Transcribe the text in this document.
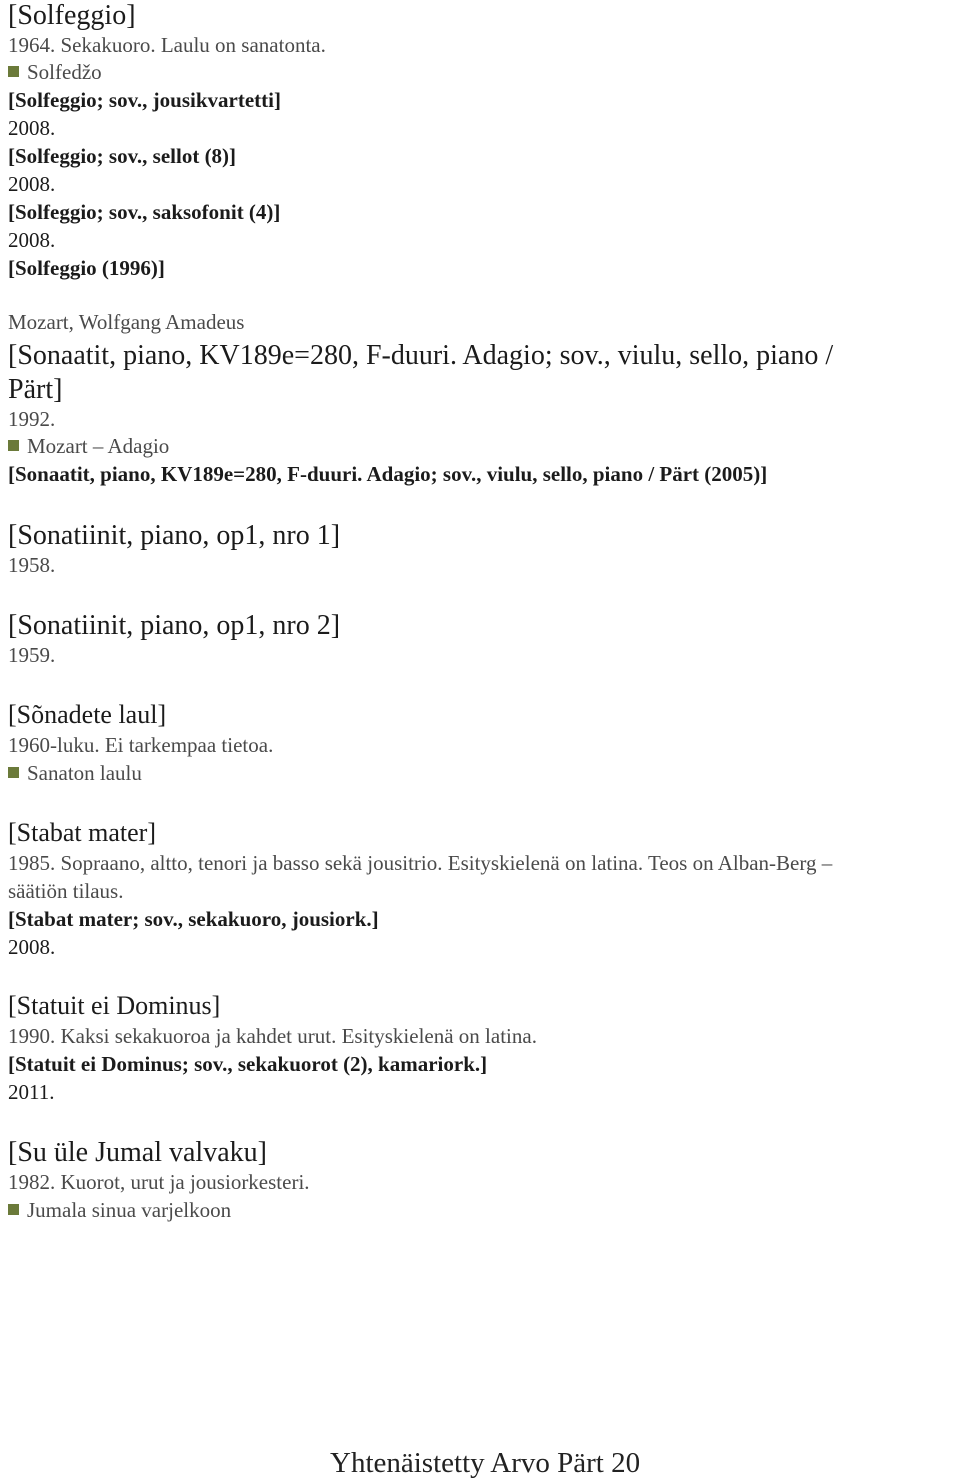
[Solfeggio]
1964. Sekakuoro. Laulu on sanatonta.
Solfedžo
[Solfeggio; sov., jousikvartetti]
2008.
[Solfeggio; sov., sellot (8)]
2008.
[Solfeggio; sov., saksofonit (4)]
2008.
[Solfeggio (1996)]
Mozart, Wolfgang Amadeus
[Sonaatit, piano, KV189e=280, F-duuri. Adagio; sov., viulu, sello, piano /
Pärt]
1992.
Mozart – Adagio
[Sonaatit, piano, KV189e=280, F-duuri. Adagio; sov., viulu, sello, piano / Pärt (2005)]
[Sonatiinit, piano, op1, nro 1]
1958.
[Sonatiinit, piano, op1, nro 2]
1959.
[Sõnadete laul]
1960-luku. Ei tarkempaa tietoa.
Sanaton laulu
[Stabat mater]
1985. Sopraano, altto, tenori ja basso sekä jousitrio. Esityskielenä on latina. Teos on Alban-Berg –
säätiön tilaus.
[Stabat mater; sov., sekakuoro, jousiork.]
2008.
[Statuit ei Dominus]
1990. Kaksi sekakuoroa ja kahdet urut. Esityskielenä on latina.
[Statuit ei Dominus; sov., sekakuorot (2), kamariork.]
2011.
[Su üle Jumal valvaku]
1982. Kuorot, urut ja jousiorkesteri.
Jumala sinua varjelkoon
Yhtenäistetty Arvo Pärt 20
